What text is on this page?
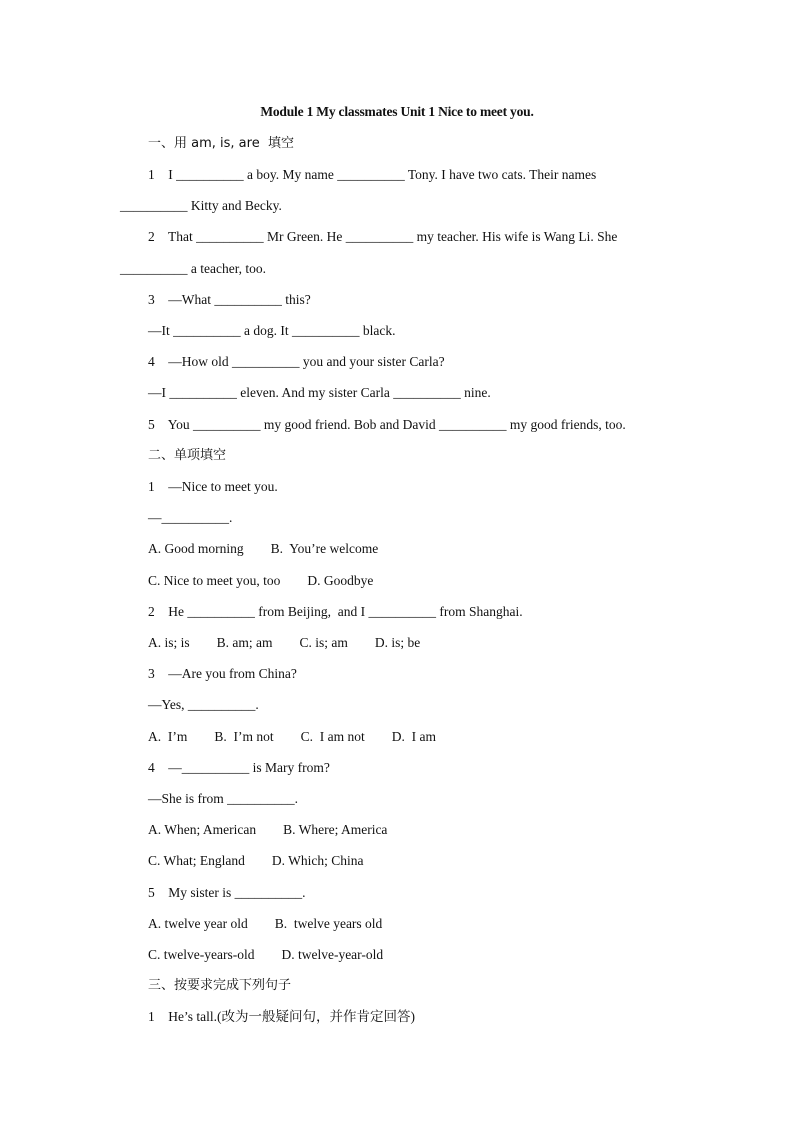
Module 1 My classmates Unit 1 Nice to meet you.
一、用 am, is, are  填空
1    I __________ a boy. My name __________ Tony. I have two cats. Their names
__________ Kitty and Becky.
2    That __________ Mr Green. He __________ my teacher. His wife is Wang Li. She
__________ a teacher, too.
3    —What __________ this?
—It __________ a dog. It __________ black.
4    —How old __________ you and your sister Carla?
—I __________ eleven. And my sister Carla __________ nine.
5    You __________ my good friend. Bob and David __________ my good friends, too.
二、单项填空
1    —Nice to meet you.
—__________.
A. Good morning        B.  You’re welcome
C. Nice to meet you, too        D. Goodbye
2    He __________ from Beijing,  and I __________ from Shanghai.
A. is; is        B. am; am        C. is; am        D. is; be
3    —Are you from China?
—Yes, __________.
A.  I’m        B.  I’m not        C.  I am not        D.  I am
4    —__________ is Mary from?
—She is from __________.
A. When; American        B. Where; America
C. What; England        D. Which; China
5    My sister is __________.
A. twelve year old        B.  twelve years old
C. twelve-years-old        D. twelve-year-old
三、按要求完成下列句子
1    He’s tall.(改为一般疑问句，并作肯定回答)
